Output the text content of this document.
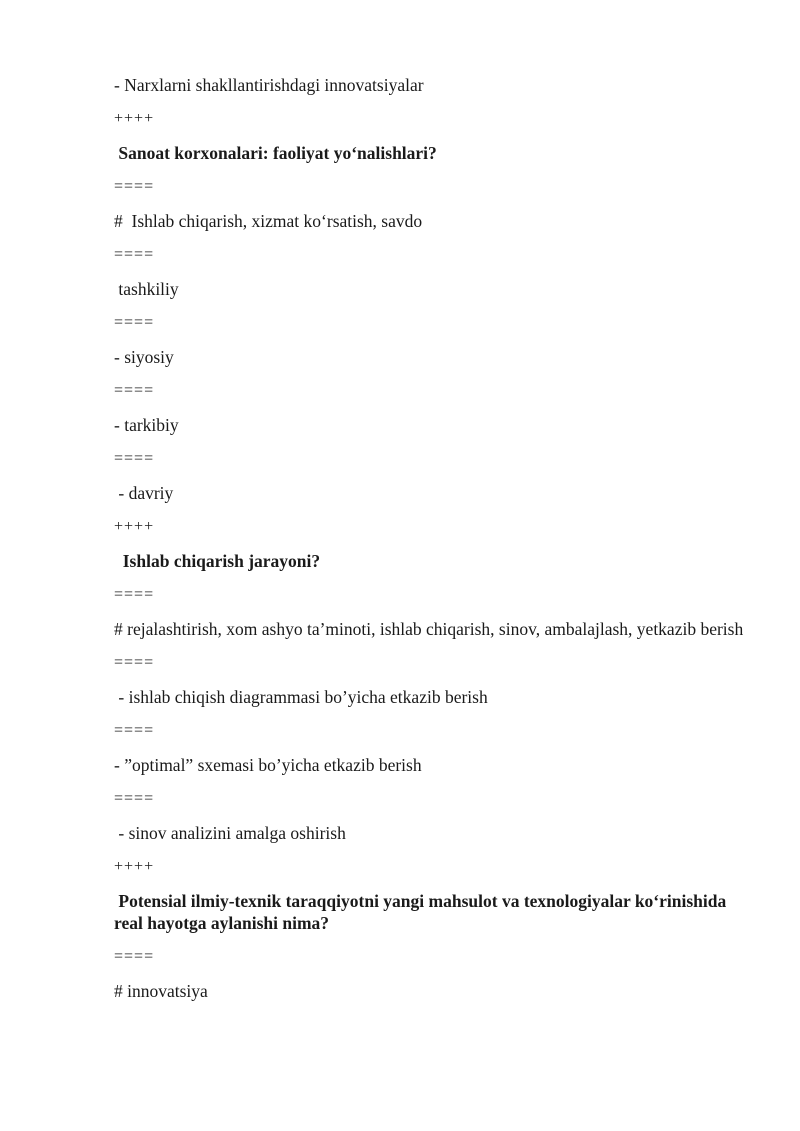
- Narxlarni shakllantirishdagi innovatsiyalar

++++

Sanoat korxonalari: faoliyat yo‘nalishlari?

====

#  Ishlab chiqarish, xizmat ko‘rsatish, savdo

====

tashkiliy

====

- siyosiy

====

- tarkibiy

====

- davriy

++++

Ishlab chiqarish jarayoni?

====

# rejalashtirish, xom ashyo ta’minoti, ishlab chiqarish, sinov, ambalajlash, yetkazib berish

====

- ishlab chiqish diagrammasi bo’yicha etkazib berish

====

- ”optimal” sxemasi bo’yicha etkazib berish

====

- sinov analizini amalga oshirish

++++

Potensial ilmiy-texnik taraqqiyotni yangi mahsulot va texnologiyalar ko‘rinishida real hayotga aylanishi nima?

====

# innovatsiya
